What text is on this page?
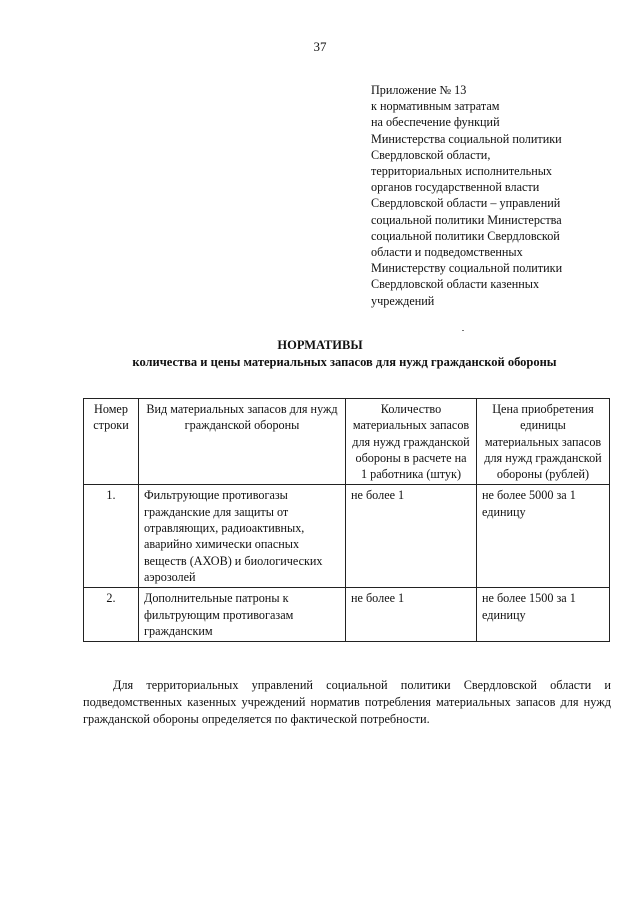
37
Приложение № 13
к нормативным затратам
на обеспечение функций
Министерства социальной политики
Свердловской области,
территориальных исполнительных
органов государственной власти
Свердловской области – управлений
социальной политики Министерства
социальной политики Свердловской
области и подведомственных
Министерству социальной политики
Свердловской области казенных
учреждений
НОРМАТИВЫ
количества и цены материальных запасов для нужд гражданской обороны
Номер строки	Вид материальных запасов для нужд гражданской обороны	Количество материальных запасов для нужд гражданской обороны в расчете на 1 работника (штук)	Цена приобретения единицы материальных запасов для нужд гражданской обороны (рублей)
1.	Фильтрующие противогазы гражданские для защиты от отравляющих, радиоактивных, аварийно химически опасных веществ (АХОВ) и биологических аэрозолей	не более 1	не более 5000 за 1 единицу
2.	Дополнительные патроны к фильтрующим противогазам гражданским	не более 1	не более 1500 за 1 единицу
Для территориальных управлений социальной политики Свердловской области и подведомственных казенных учреждений норматив потребления материальных запасов для нужд гражданской обороны определяется по фактической потребности.
